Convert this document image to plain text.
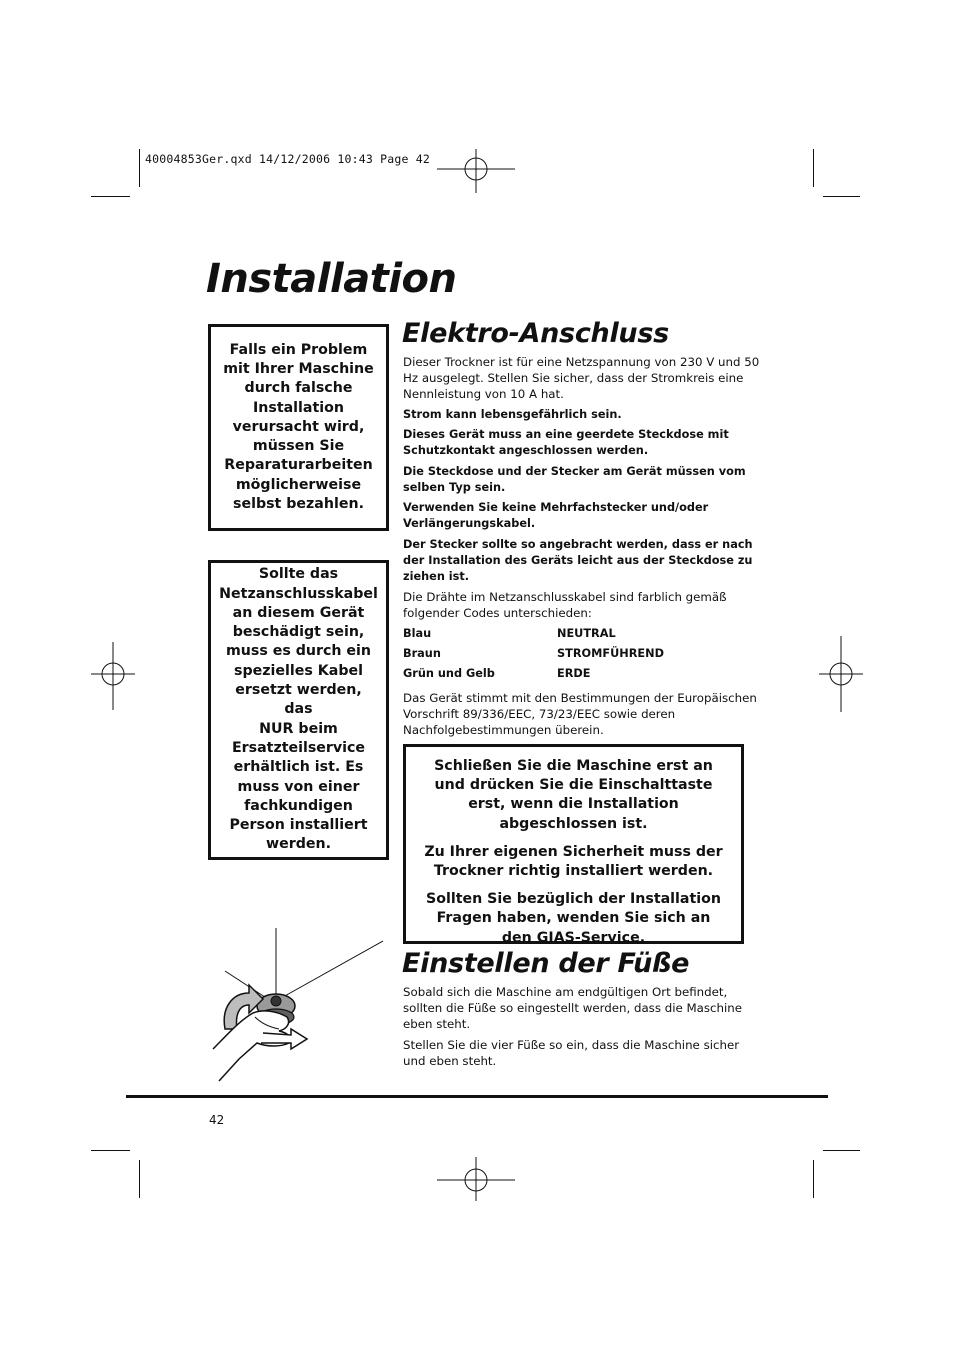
40004853Ger.qxd 14/12/2006 10:43 Page 42
Installation
Falls ein Problem
mit Ihrer Maschine
durch falsche
Installation
verursacht wird,
müssen Sie
Reparaturarbeiten
möglicherweise
selbst bezahlen.
Sollte das
Netzanschlusskabel
an diesem Gerät
beschädigt sein,
muss es durch ein
spezielles Kabel
ersetzt werden, das
NUR beim
Ersatzteilservice
erhältlich ist. Es
muss von einer
fachkundigen
Person installiert
werden.
Elektro-Anschluss

Dieser Trockner ist für eine Netzspannung von 230 V und 50 Hz ausgelegt. Stellen Sie sicher, dass der Stromkreis eine Nennleistung von 10 A hat.

Strom kann lebensgefährlich sein.

Dieses Gerät muss an eine geerdete Steckdose mit Schutzkontakt angeschlossen werden.

Die Steckdose und der Stecker am Gerät müssen vom selben Typ sein.

Verwenden Sie keine Mehrfachstecker und/oder Verlängerungskabel.

Der Stecker sollte so angebracht werden, dass er nach der Installation des Geräts leicht aus der Steckdose zu ziehen ist.

Die Drähte im Netzanschlusskabel sind farblich gemäß folgender Codes unterschieden:

Blau	NEUTRAL
Braun	STROMFÜHREND
Grün und Gelb	ERDE

Das Gerät stimmt mit den Bestimmungen der Europäischen Vorschrift 89/336/EEC, 73/23/EEC sowie deren Nachfolgebestimmungen überein.

Schließen Sie die Maschine erst an und drücken Sie die Einschalttaste erst, wenn die Installation abgeschlossen ist.

Zu Ihrer eigenen Sicherheit muss der Trockner richtig installiert werden.

Sollten Sie bezüglich der Installation Fragen haben, wenden Sie sich an den GIAS-Service.

Einstellen der Füße

Sobald sich die Maschine am endgültigen Ort befindet, sollten die Füße so eingestellt werden, dass die Maschine eben steht.

Stellen Sie die vier Füße so ein, dass die Maschine sicher und eben steht.

42
